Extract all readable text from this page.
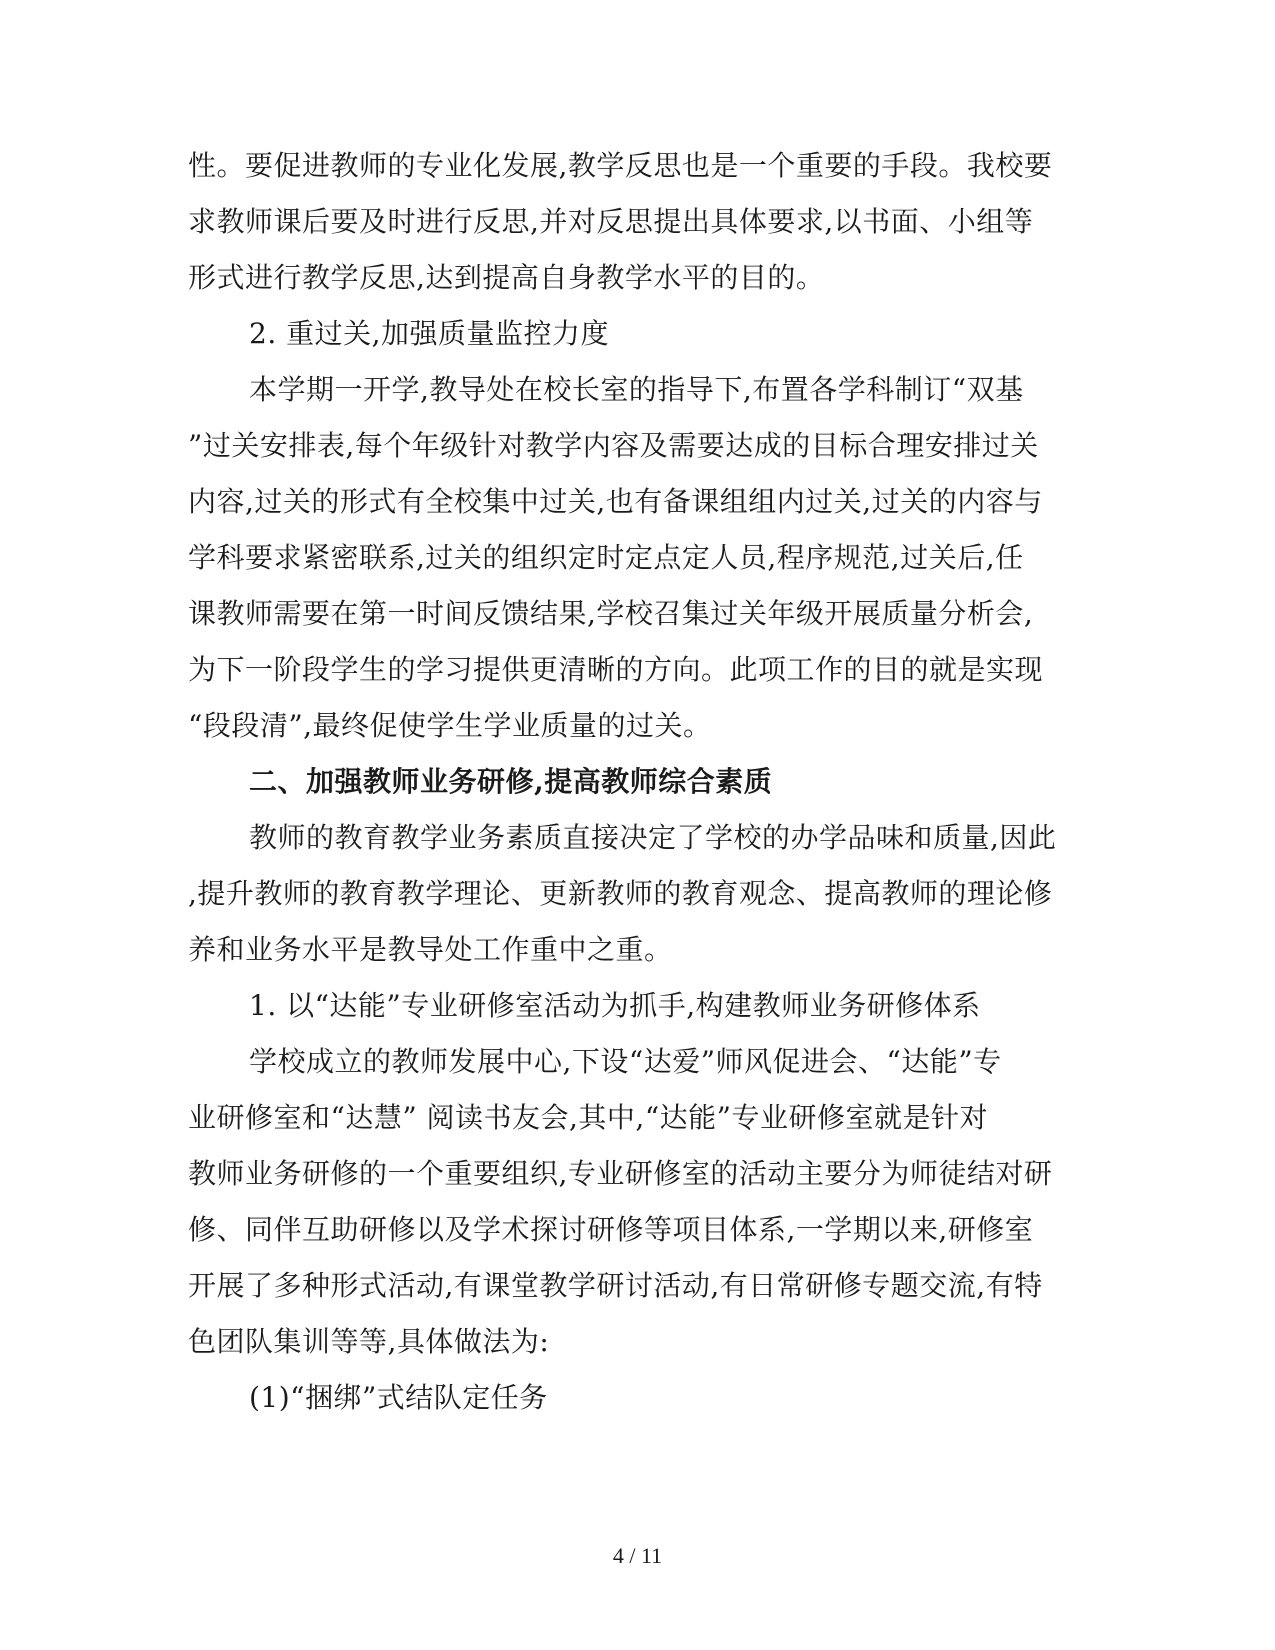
性。要促进教师的专业化发展,教学反思也是一个重要的手段。我校要
求教师课后要及时进行反思,并对反思提出具体要求,以书面、小组等
形式进行教学反思,达到提高自身教学水平的目的。
2. 重过关,加强质量监控力度
本学期一开学,教导处在校长室的指导下,布置各学科制订“双基
”过关安排表,每个年级针对教学内容及需要达成的目标合理安排过关
内容,过关的形式有全校集中过关,也有备课组组内过关,过关的内容与
学科要求紧密联系,过关的组织定时定点定人员,程序规范,过关后,任
课教师需要在第一时间反馈结果,学校召集过关年级开展质量分析会,
为下一阶段学生的学习提供更清晰的方向。此项工作的目的就是实现
“段段清”,最终促使学生学业质量的过关。
二、加强教师业务研修,提高教师综合素质
教师的教育教学业务素质直接决定了学校的办学品味和质量,因此
,提升教师的教育教学理论、更新教师的教育观念、提高教师的理论修
养和业务水平是教导处工作重中之重。
1. 以“达能”专业研修室活动为抓手,构建教师业务研修体系
学校成立的教师发展中心,下设“达爱”师风促进会、“达能”专
业研修室和“达慧” 阅读书友会,其中,“达能”专业研修室就是针对
教师业务研修的一个重要组织,专业研修室的活动主要分为师徒结对研
修、同伴互助研修以及学术探讨研修等项目体系,一学期以来,研修室
开展了多种形式活动,有课堂教学研讨活动,有日常研修专题交流,有特
色团队集训等等,具体做法为:
(1)“捆绑”式结队定任务
4 / 11
